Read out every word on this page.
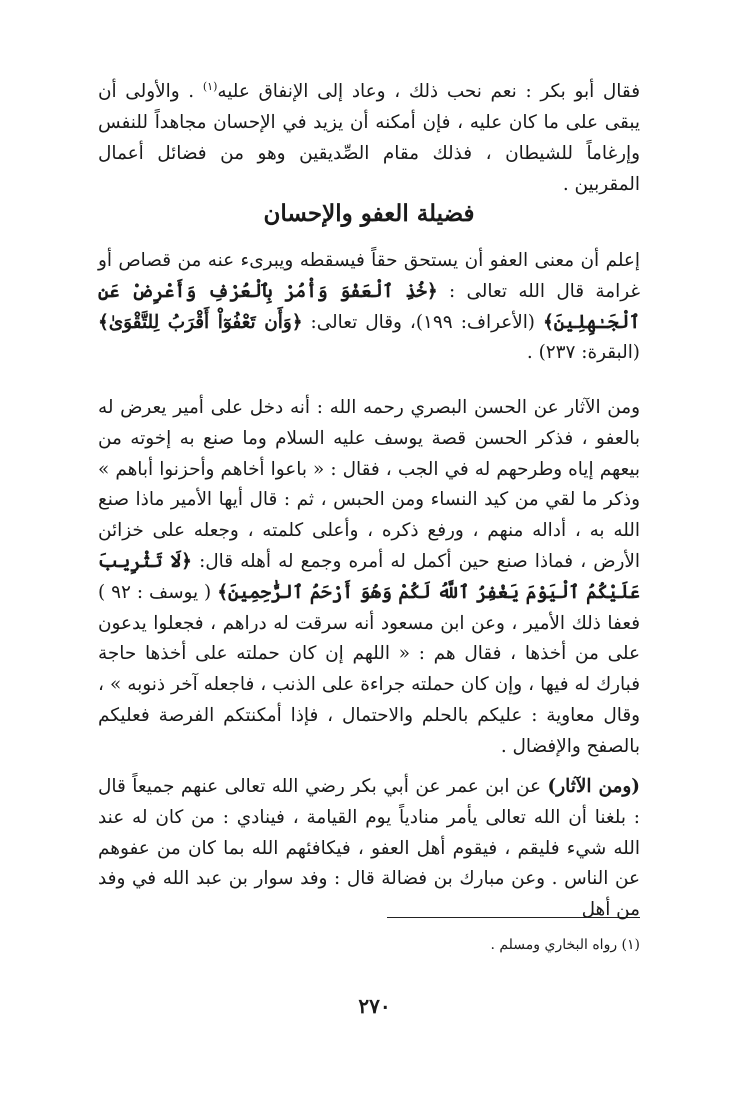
فقال أبو بكر : نعم نحب ذلك ، وعاد إلى الإنفاق عليه$^{(١)}$ . والأولى أن يبقى على ما كان عليه ، فإن أمكنه أن يزيد في الإحسان مجاهداً للنفس وإرغاماً للشيطان ، فذلك مقام الصِّديقين وهو من فضائل أعمال المقربين .

فضيلة العفو والإحسان

إعلم أن معنى العفو أن يستحق حقاً فيسقطه ويبرىء عنه من قصاص أو غرامة قال الله تعالى : ﴿خُذِ ٱلْعَفْوَ وَأْمُرْ بِٱلْعُرْفِ وَأَعْرِضْ عَنِ ٱلْجَـٰهِلِينَ﴾ (الأعراف: ١٩٩)، وقال تعالى: ﴿وَأَن تَعْفُوٓاْ أَقْرَبُ لِلتَّقْوَىٰ﴾ (البقرة: ٢٣٧) .

ومن الآثار عن الحسن البصري رحمه الله : أنه دخل على أمير يعرض له بالعفو ، فذكر الحسن قصة يوسف عليه السلام وما صنع به إخوته من بيعهم إياه وطرحهم له في الجب ، فقال : « باعوا أخاهم وأحزنوا أباهم » وذكر ما لقي من كيد النساء ومن الحبس ، ثم : قال أيها الأمير ماذا صنع الله به ، أداله منهم ، ورفع ذكره ، وأعلى كلمته ، وجعله على خزائن الأرض ، فماذا صنع حين أكمل له أمره وجمع له أهله قال: ﴿لَا تَثْرِيبَ عَلَيْكُمُ ٱلْيَوْمَ يَغْفِرُ ٱللَّهُ لَكُمْ وَهُوَ أَرْحَمُ ٱلرَّٰحِمِينَ﴾ ( يوسف : ٩٢ ) فعفا ذلك الأمير ، وعن ابن مسعود أنه سرقت له دراهم ، فجعلوا يدعون على من أخذها ، فقال هم : « اللهم إن كان حملته على أخذها حاجة فبارك له فيها ، وإن كان حملته جراءة على الذنب ، فاجعله آخر ذنوبه » ، وقال معاوية : عليكم بالحلم والاحتمال ، فإذا أمكنتكم الفرصة فعليكم بالصفح والإفضال .

(ومن الآثار) عن ابن عمر عن أبي بكر رضي الله تعالى عنهم جميعاً قال : بلغنا أن الله تعالى يأمر منادياً يوم القيامة ، فينادي : من كان له عند الله شيء فليقم ، فيقوم أهل العفو ، فيكافئهم الله بما كان من عفوهم عن الناس . وعن مبارك بن فضالة قال : وفد سوار بن عبد الله في وفد من أهل

(١) رواه البخاري ومسلم .
٢٧٠
